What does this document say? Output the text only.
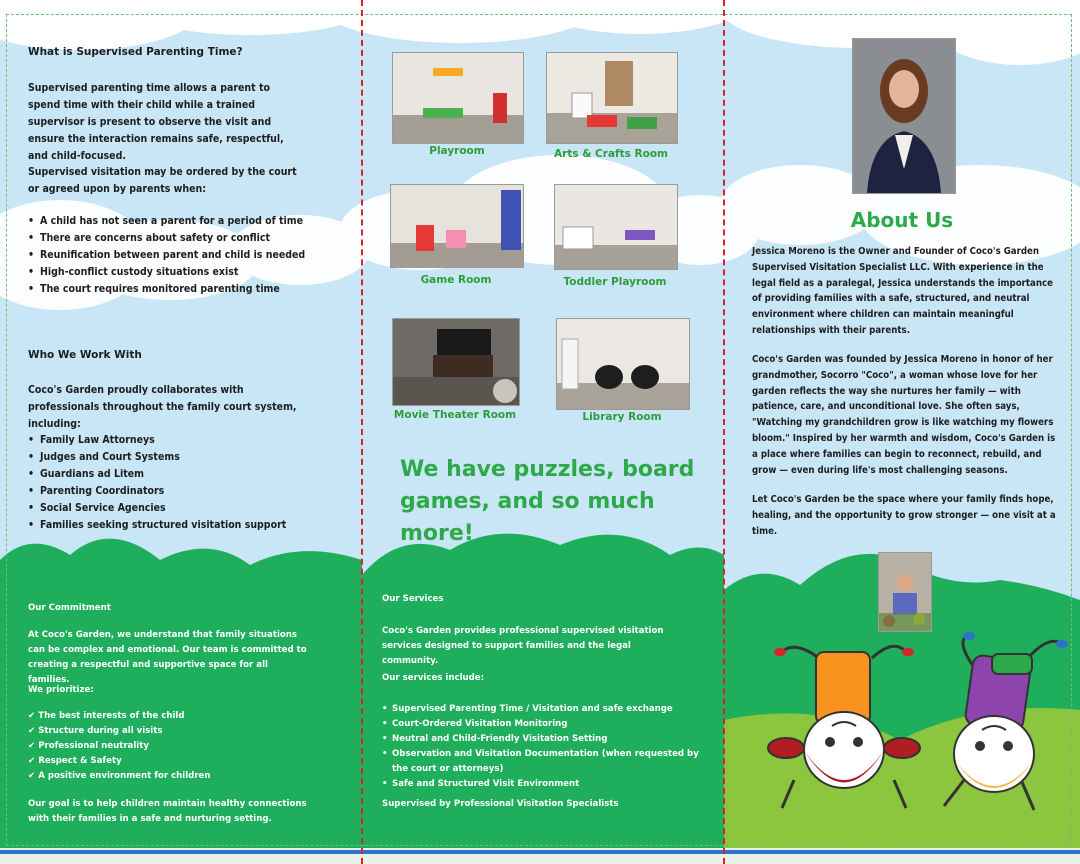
What is Supervised Parenting Time?
Supervised parenting time allows a parent to spend time with their child while a trained supervisor is present to observe the visit and ensure the interaction remains safe, respectful, and child-focused.
Supervised visitation may be ordered by the court or agreed upon by parents when:
• A child has not seen a parent for a period of time
• There are concerns about safety or conflict
• Reunification between parent and child is needed
• High-conflict custody situations exist
• The court requires monitored parenting time
Who We Work With
Coco's Garden proudly collaborates with professionals throughout the family court system, including:
• Family Law Attorneys
• Judges and Court Systems
• Guardians ad Litem
• Parenting Coordinators
• Social Service Agencies
• Families seeking structured visitation support
Our Commitment
At Coco's Garden, we understand that family situations can be complex and emotional. Our team is committed to creating a respectful and supportive space for all families.
We prioritize:
✔ The best interests of the child
✔ Structure during all visits
✔ Professional neutrality
✔ Respect & Safety
✔ A positive environment for children
Our goal is to help children maintain healthy connections with their families in a safe and nurturing setting.
Playroom	Arts & Crafts Room
Game Room	Toddler Playroom
Movie Theater Room	Library Room
We have puzzles, board games, and so much more!
Our Services
Coco's Garden provides professional supervised visitation services designed to support families and the legal community.
Our services include:
• Supervised Parenting Time / Visitation and safe exchange
• Court-Ordered Visitation Monitoring
• Neutral and Child-Friendly Visitation Setting
• Observation and Visitation Documentation (when requested by the court or attorneys)
• Safe and Structured Visit Environment
Supervised by Professional Visitation Specialists
About Us
Jessica Moreno is the Owner and Founder of Coco's Garden Supervised Visitation Specialist LLC. With experience in the legal field as a paralegal, Jessica understands the importance of providing families with a safe, structured, and neutral environment where children can maintain meaningful relationships with their parents.
Coco's Garden was founded by Jessica Moreno in honor of her grandmother, Socorro "Coco", a woman whose love for her garden reflects the way she nurtures her family — with patience, care, and unconditional love. She often says, "Watching my grandchildren grow is like watching my flowers bloom." Inspired by her warmth and wisdom, Coco's Garden is a place where families can begin to reconnect, rebuild, and grow — even during life's most challenging seasons.
Let Coco's Garden be the space where your family finds hope, healing, and the opportunity to grow stronger — one visit at a time.
